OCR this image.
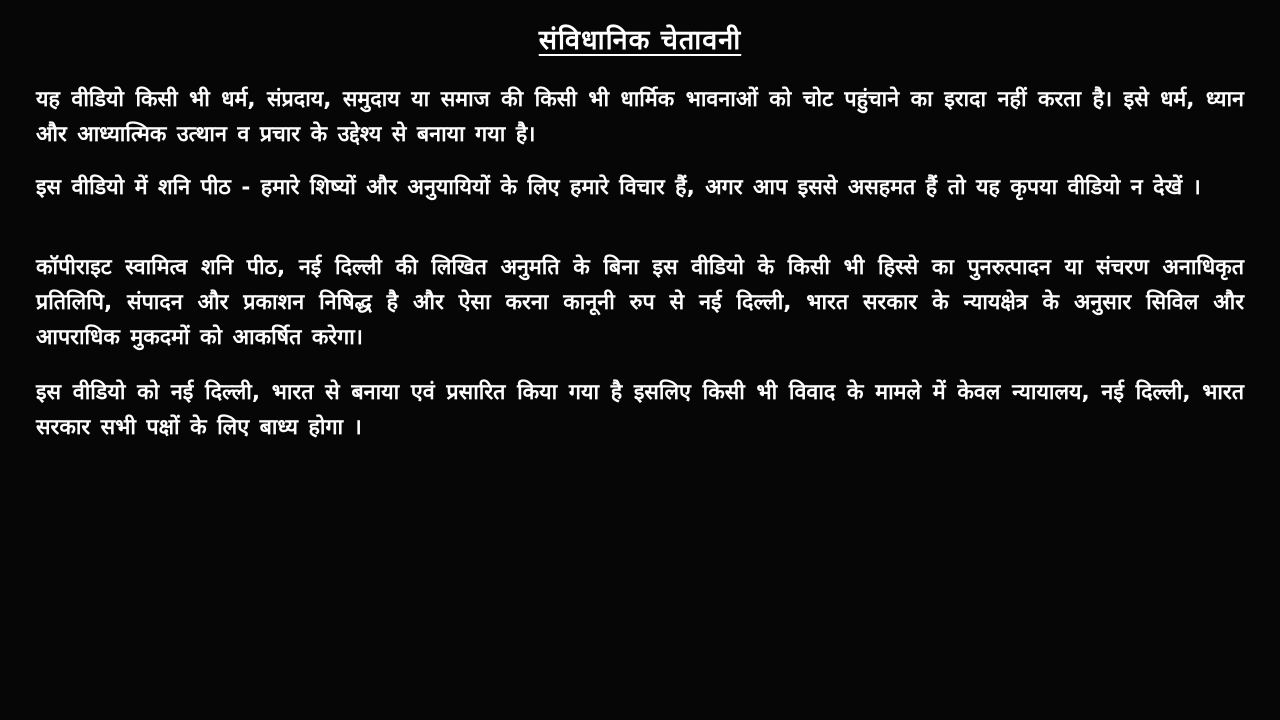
संविधानिक चेतावनी

यह वीडियो किसी भी धर्म, संप्रदाय, समुदाय या समाज की किसी भी धार्मिक भावनाओं को चोट पहुंचाने का इरादा नहीं करता है। इसे धर्म, ध्यान और आध्यात्मिक उत्थान व प्रचार के उद्देश्य से बनाया गया है।

इस वीडियो में शनि पीठ - हमारे शिष्यों और अनुयायियों के लिए हमारे विचार हैं, अगर आप इससे असहमत हैं तो यह कृपया वीडियो न देखें ।

कॉपीराइट स्वामित्व शनि पीठ, नई दिल्ली की लिखित अनुमति के बिना इस वीडियो के किसी भी हिस्से का पुनरुत्पादन या संचरण अनाधिकृत प्रतिलिपि, संपादन और प्रकाशन निषिद्ध है और ऐसा करना कानूनी रुप से नई दिल्ली, भारत सरकार के न्यायक्षेत्र के अनुसार सिविल और आपराधिक मुकदमों को आकर्षित करेगा।

इस वीडियो को नई दिल्ली, भारत से बनाया एवं प्रसारित किया गया है इसलिए किसी भी विवाद के मामले में केवल न्यायालय, नई दिल्ली, भारत सरकार सभी पक्षों के लिए बाध्य होगा ।
